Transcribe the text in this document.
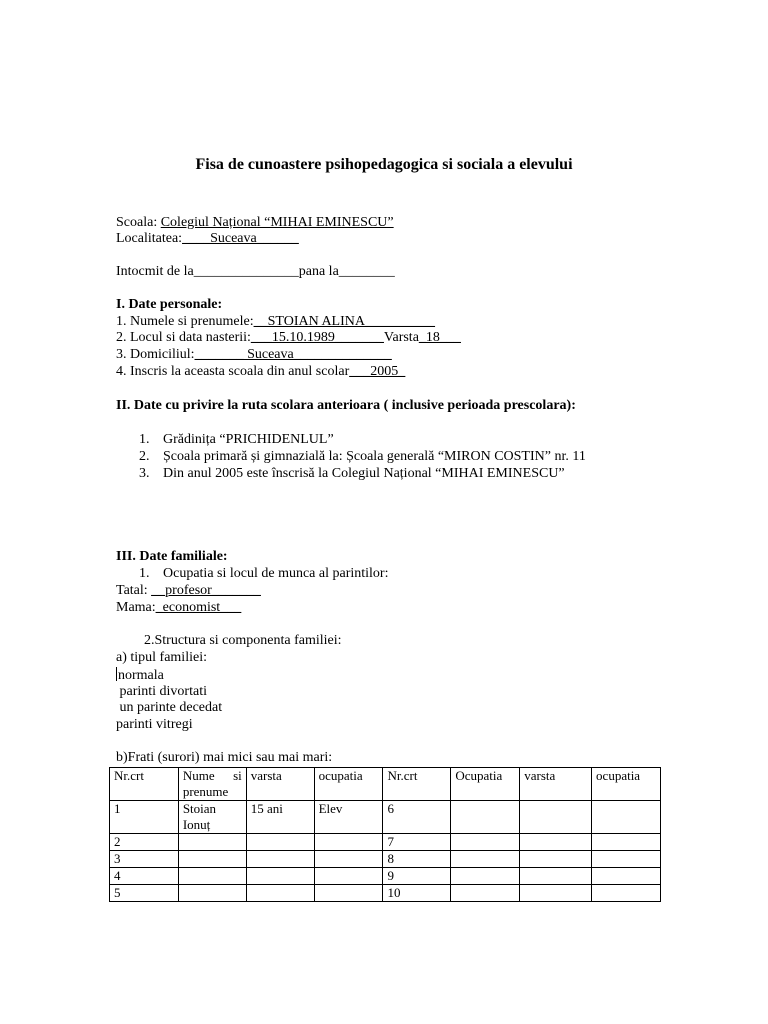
Fisa de cunoastere psihopedagogica si sociala a elevului
Scoala: Colegiul Național “MIHAI EMINESCU”
Localitatea:____Suceava______
Intocmit de la_______________pana la________
I. Date personale:
1. Numele si prenumele:__STOIAN ALINA__________
2. Locul si data nasterii:___15.10.1989_______Varsta_18___
3. Domiciliul:_______ Suceava______________
4. Inscris la aceasta scoala din anul scolar___2005_
II. Date cu privire la ruta scolara anterioara ( inclusive perioada prescolara):
1. Grădinița “PRICHIDENLUL”
2. Școala primară și gimnazială la: Școala generală “MIRON COSTIN” nr. 11
3. Din anul 2005 este înscrisă la Colegiul Național “MIHAI EMINESCU”
III. Date familiale:
1. Ocupatia si locul de munca al parintilor:
Tatal: __profesor_______
Mama:_economist___
2.Structura si componenta familiei:
a) tipul familiei:
normala
parinti divortati
un parinte decedat
parinti vitregi
b)Frati (surori) mai mici sau mai mari:
Nr.crt	Nume si prenume	varsta	ocupatia	Nr.crt	Ocupatia	varsta	ocupatia
1	Stoian Ionuț	15 ani	Elev	6			
2				7			
3				8			
4				9			
5				10			
